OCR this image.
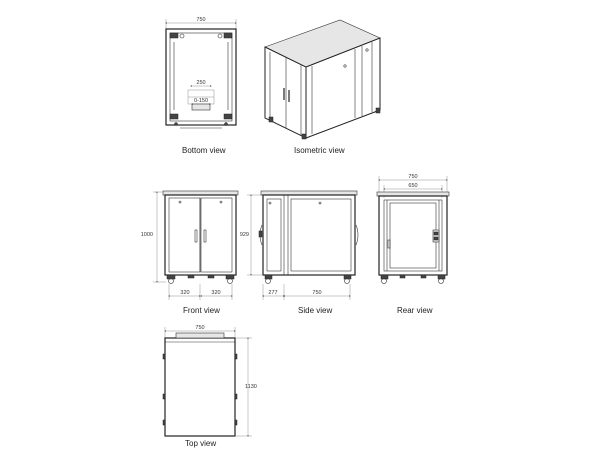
750
250
0-150
1000
320	320
929
277	750
750
650
750
1130
Bottom view	Isometric view
Front view	Side view	Rear view
Top view
